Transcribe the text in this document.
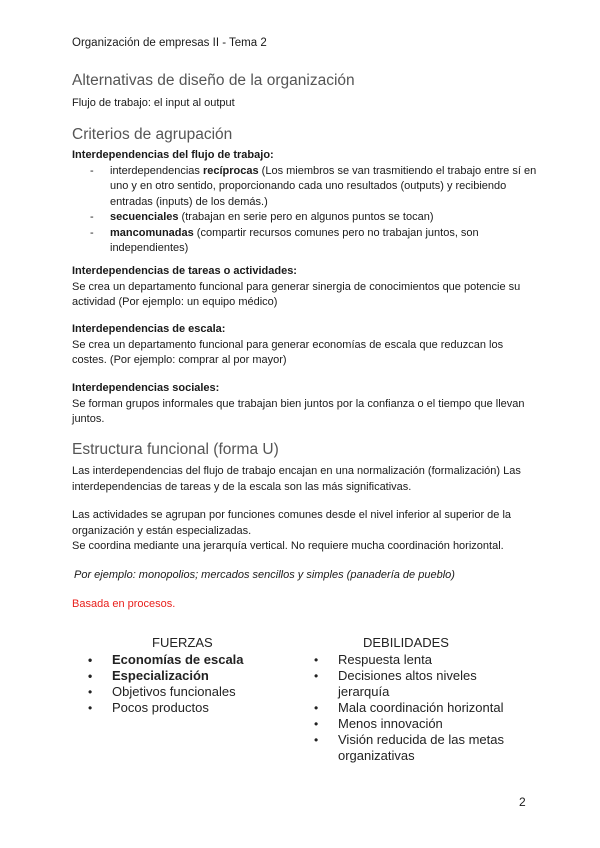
Organización de empresas II - Tema 2
Alternativas de diseño de la organización
Flujo de trabajo: el input al output
Criterios de agrupación
Interdependencias del flujo de trabajo:
- interdependencias recíprocas (Los miembros se van trasmitiendo el trabajo entre sí en uno y en otro sentido, proporcionando cada uno resultados (outputs) y recibiendo entradas (inputs) de los demás.)
- secuenciales (trabajan en serie pero en algunos puntos se tocan)
- mancomunadas (compartir recursos comunes pero no trabajan juntos, son independientes)
Interdependencias de tareas o actividades:
Se crea un departamento funcional para generar sinergia de conocimientos que potencie su actividad (Por ejemplo: un equipo médico)
Interdependencias de escala:
Se crea un departamento funcional para generar economías de escala que reduzcan los costes. (Por ejemplo: comprar al por mayor)
Interdependencias sociales:
Se forman grupos informales que trabajan bien juntos por la confianza o el tiempo que llevan juntos.
Estructura funcional (forma U)
Las interdependencias del flujo de trabajo encajan en una normalización (formalización) Las interdependencias de tareas y de la escala son las más significativas.
Las actividades se agrupan por funciones comunes desde el nivel inferior al superior de la organización y están especializadas.
Se coordina mediante una jerarquía vertical. No requiere mucha coordinación horizontal.
Por ejemplo: monopolios; mercados sencillos y simples (panadería de pueblo)
Basada en procesos.
FUERZAS
• Economías de escala
• Especialización
• Objetivos funcionales
• Pocos productos
DEBILIDADES
• Respuesta lenta
• Decisiones altos niveles jerarquía
• Mala coordinación horizontal
• Menos innovación
• Visión reducida de las metas organizativas
2
